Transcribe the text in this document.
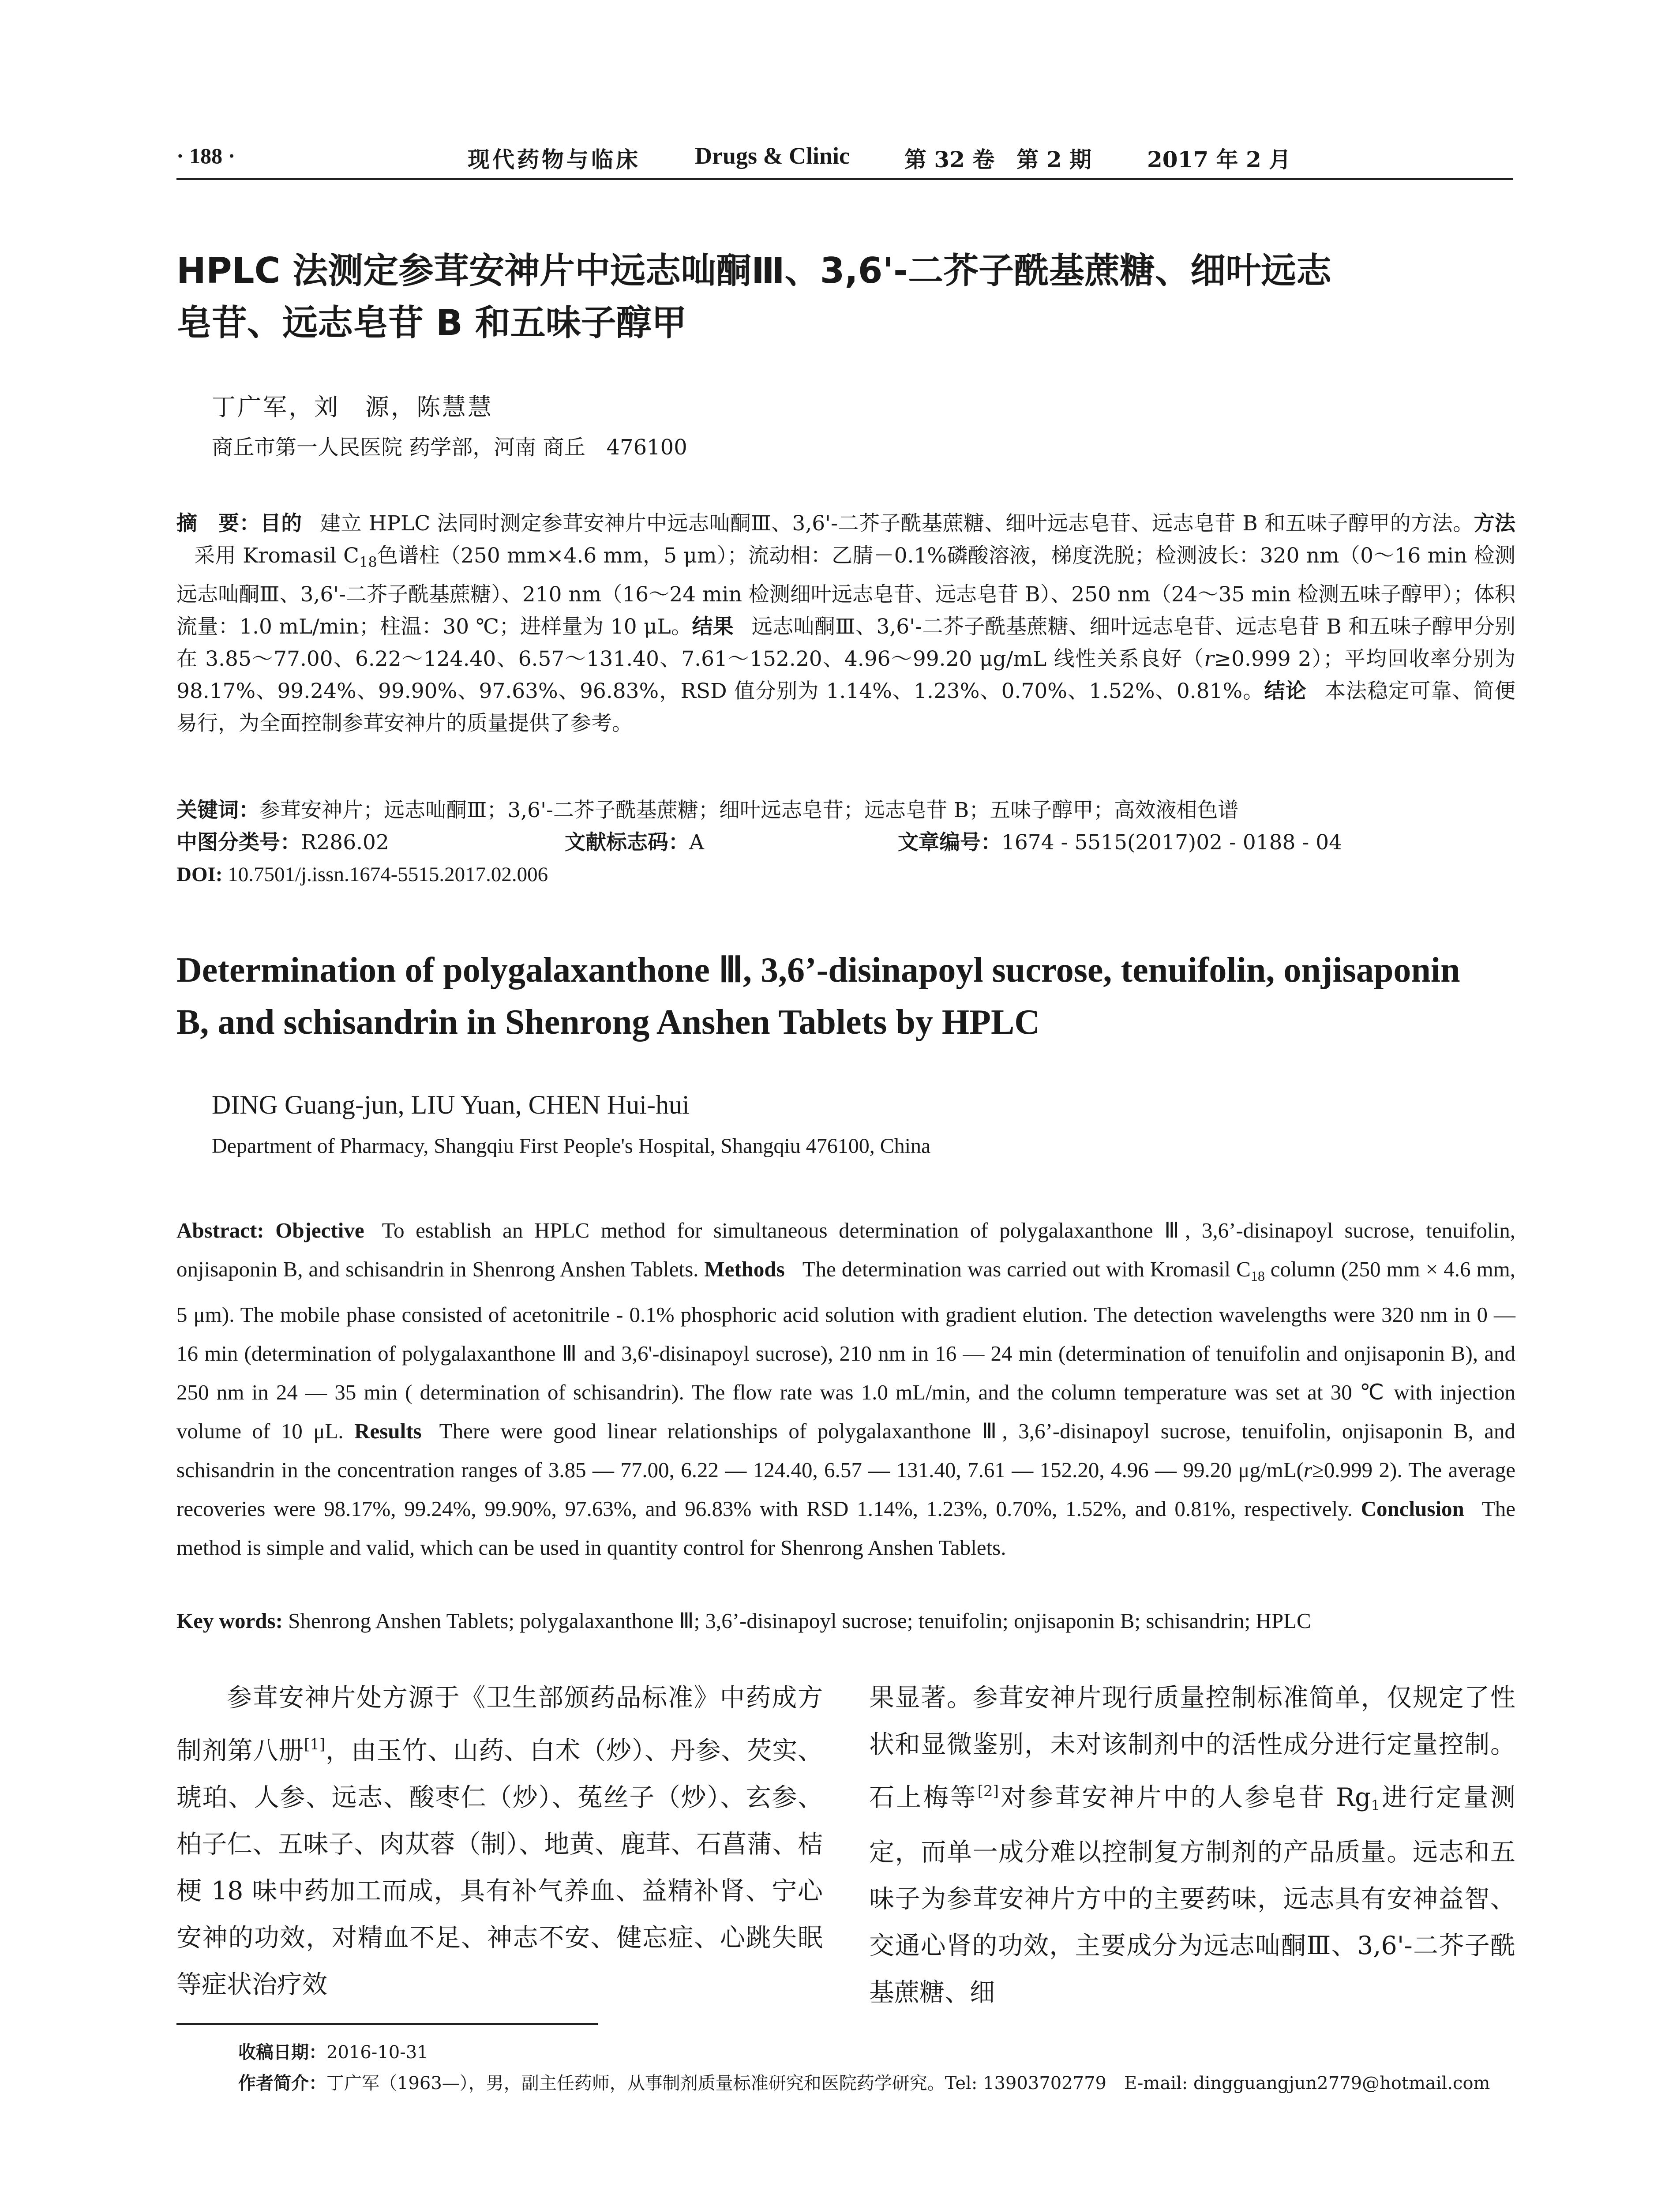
· 188 ·	现代药物与临床 Drugs & Clinic 第 32 卷　第 2 期	2017 年 2 月
HPLC 法测定参茸安神片中远志𠮿酮Ⅲ、3,6'-二芥子酰基蔗糖、细叶远志
皂苷、远志皂苷 B 和五味子醇甲
丁广军，刘　源，陈慧慧
商丘市第一人民医院 药学部，河南 商丘　476100

摘　要：目的 建立 HPLC 法同时测定参茸安神片中远志𠮿酮Ⅲ、3,6'-二芥子酰基蔗糖、细叶远志皂苷、远志皂苷 B 和五味子醇甲的方法。方法采用 Kromasil $C_{18}$色谱柱（250 mm×4.6 mm，5 μm）；流动相：乙腈－0.1%磷酸溶液，梯度洗脱；检测波长：320 nm（0～16 min 检测远志𠮿酮Ⅲ、3,6'-二芥子酰基蔗糖）、210 nm（16～24 min 检测细叶远志皂苷、远志皂苷 B）、250 nm（24～35 min 检测五味子醇甲）；体积流量：1.0 mL/min；柱温：30 ℃；进样量为 10 μL。结果 远志𠮿酮Ⅲ、3,6'-二芥子酰基蔗糖、细叶远志皂苷、远志皂苷 B 和五味子醇甲分别在 3.85～77.00、6.22～124.40、6.57～131.40、7.61～152.20、4.96～99.20 μg/mL 线性关系良好（r≥0.999 2）；平均回收率分别为 98.17%、99.24%、99.90%、97.63%、96.83%，RSD 值分别为 1.14%、1.23%、0.70%、1.52%、0.81%。结论 本法稳定可靠、简便易行，为全面控制参茸安神片的质量提供了参考。

关键词：参茸安神片；远志𠮿酮Ⅲ；3,6'-二芥子酰基蔗糖；细叶远志皂苷；远志皂苷 B；五味子醇甲；高效液相色谱
中图分类号：R286.02	文献标志码：A	文章编号：1674 - 5515(2017)02 - 0188 - 04
DOI: 10.7501/j.issn.1674-5515.2017.02.006
Determination of polygalaxanthone Ⅲ, 3,6’-disinapoyl sucrose, tenuifolin, onjisaponin
B, and schisandrin in Shenrong Anshen Tablets by HPLC
DING Guang-jun, LIU Yuan, CHEN Hui-hui
Department of Pharmacy, Shangqiu First People's Hospital, Shangqiu 476100, China

Abstract: Objective To establish an HPLC method for simultaneous determination of polygalaxanthone Ⅲ, 3,6’-disinapoyl sucrose, tenuifolin, onjisaponin B, and schisandrin in Shenrong Anshen Tablets. Methods The determination was carried out with Kromasil $C_{18}$ column (250 mm × 4.6 mm, 5 μm). The mobile phase consisted of acetonitrile - 0.1% phosphoric acid solution with gradient elution. The detection wavelengths were 320 nm in 0 — 16 min (determination of polygalaxanthone Ⅲ and 3,6'-disinapoyl sucrose), 210 nm in 16 — 24 min (determination of tenuifolin and onjisaponin B), and 250 nm in 24 — 35 min ( determination of schisandrin). The flow rate was 1.0 mL/min, and the column temperature was set at 30 ℃ with injection volume of 10 μL. Results There were good linear relationships of polygalaxanthone Ⅲ, 3,6’-disinapoyl sucrose, tenuifolin, onjisaponin B, and schisandrin in the concentration ranges of 3.85 — 77.00, 6.22 — 124.40, 6.57 — 131.40, 7.61 — 152.20, 4.96 — 99.20 μg/mL(r≥0.999 2). The average recoveries were 98.17%, 99.24%, 99.90%, 97.63%, and 96.83% with RSD 1.14%, 1.23%, 0.70%, 1.52%, and 0.81%, respectively. Conclusion The method is simple and valid, which can be used in quantity control for Shenrong Anshen Tablets.

Key words: Shenrong Anshen Tablets; polygalaxanthone Ⅲ; 3,6’-disinapoyl sucrose; tenuifolin; onjisaponin B; schisandrin; HPLC

参茸安神片处方源于《卫生部颁药品标准》中药成方制剂第八册[1]，由玉竹、山药、白术（炒）、丹参、芡实、琥珀、人参、远志、酸枣仁（炒）、菟丝子（炒）、玄参、柏子仁、五味子、肉苁蓉（制）、地黄、鹿茸、石菖蒲、桔梗 18 味中药加工而成，具有补气养血、益精补肾、宁心安神的功效，对精血不足、神志不安、健忘症、心跳失眠等症状治疗效

果显著。参茸安神片现行质量控制标准简单，仅规定了性状和显微鉴别，未对该制剂中的活性成分进行定量控制。石上梅等[2]对参茸安神片中的人参皂苷 $Rg_1$进行定量测定，而单一成分难以控制复方制剂的产品质量。远志和五味子为参茸安神片方中的主要药味，远志具有安神益智、交通心肾的功效，主要成分为远志𠮿酮Ⅲ、3,6'-二芥子酰基蔗糖、细

收稿日期：2016-10-31
作者简介：丁广军（1963—），男，副主任药师，从事制剂质量标准研究和医院药学研究。Tel: 13903702779　E-mail: dingguangjun2779@hotmail.com
